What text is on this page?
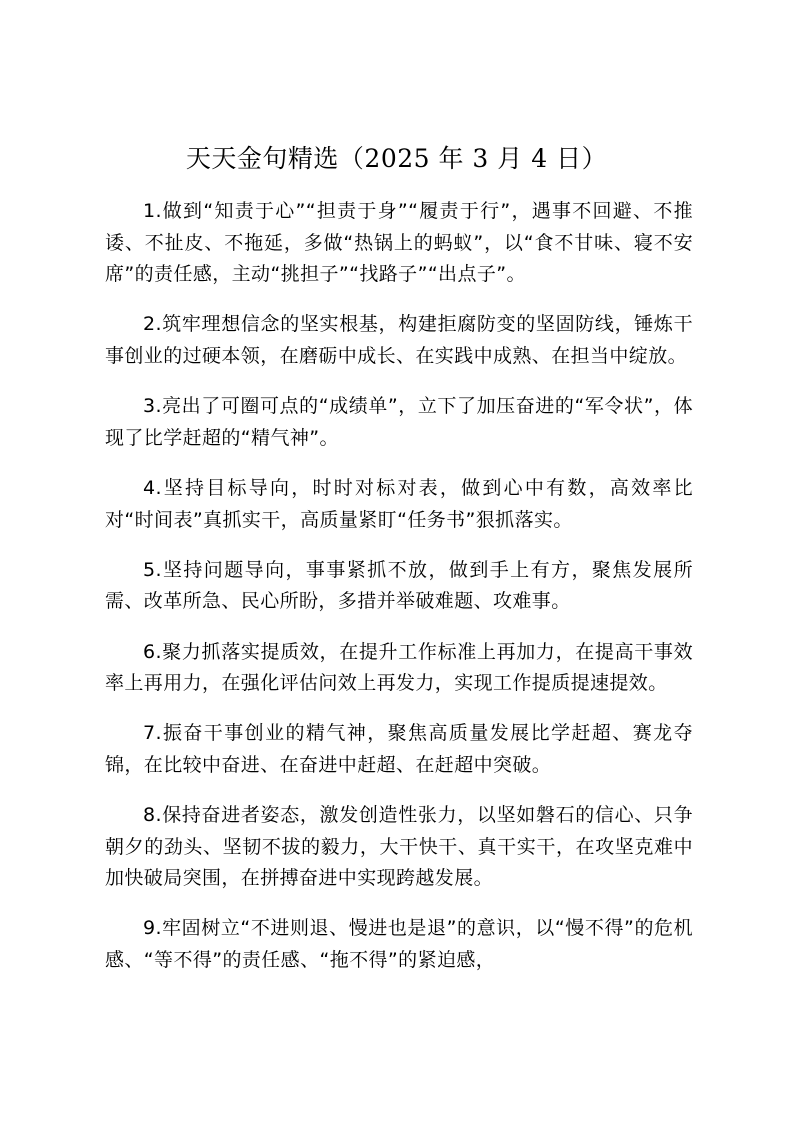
天天金句精选（2025 年 3 月 4 日）

1.做到“知责于心”“担责于身”“履责于行”，遇事不回避、不推诿、不扯皮、不拖延，多做“热锅上的蚂蚁”，以“食不甘味、寝不安席”的责任感，主动“挑担子”“找路子”“出点子”。

2.筑牢理想信念的坚实根基，构建拒腐防变的坚固防线，锤炼干事创业的过硬本领，在磨砺中成长、在实践中成熟、在担当中绽放。

3.亮出了可圈可点的“成绩单”，立下了加压奋进的“军令状”，体现了比学赶超的“精气神”。

4.坚持目标导向，时时对标对表，做到心中有数，高效率比对“时间表”真抓实干，高质量紧盯“任务书”狠抓落实。

5.坚持问题导向，事事紧抓不放，做到手上有方，聚焦发展所需、改革所急、民心所盼，多措并举破难题、攻难事。

6.聚力抓落实提质效，在提升工作标准上再加力，在提高干事效率上再用力，在强化评估问效上再发力，实现工作提质提速提效。

7.振奋干事创业的精气神，聚焦高质量发展比学赶超、赛龙夺锦，在比较中奋进、在奋进中赶超、在赶超中突破。

8.保持奋进者姿态，激发创造性张力，以坚如磐石的信心、只争朝夕的劲头、坚韧不拔的毅力，大干快干、真干实干，在攻坚克难中加快破局突围，在拼搏奋进中实现跨越发展。

9.牢固树立“不进则退、慢进也是退”的意识，以“慢不得”的危机感、“等不得”的责任感、“拖不得”的紧迫感，
